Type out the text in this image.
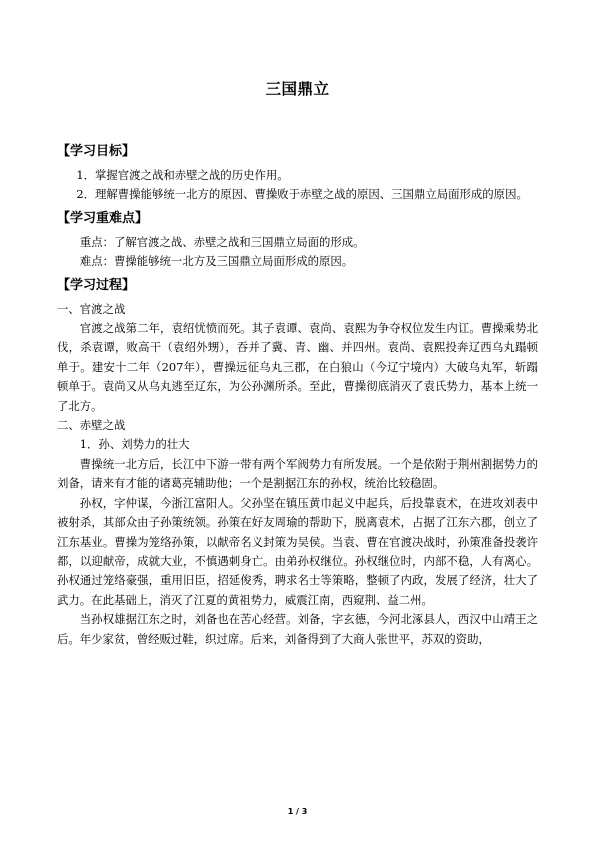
三国鼎立
【学习目标】

1．掌握官渡之战和赤壁之战的历史作用。

2．理解曹操能够统一北方的原因、曹操败于赤壁之战的原因、三国鼎立局面形成的原因。

【学习重难点】

重点：了解官渡之战、赤壁之战和三国鼎立局面的形成。

难点：曹操能够统一北方及三国鼎立局面形成的原因。

【学习过程】

一、官渡之战

官渡之战第二年，袁绍忧愤而死。其子袁谭、袁尚、袁熙为争夺权位发生内讧。曹操乘势北伐，杀袁谭，败高干（袁绍外甥），吞并了冀、青、幽、并四州。袁尚、袁熙投奔辽西乌丸蹋顿单于。建安十二年（207年），曹操远征乌丸三郡，在白狼山（今辽宁境内）大破乌丸军，斩蹋顿单于。袁尚又从乌丸逃至辽东，为公孙渊所杀。至此，曹操彻底消灭了袁氏势力，基本上统一了北方。

二、赤壁之战

1．孙、刘势力的壮大

曹操统一北方后，长江中下游一带有两个军阀势力有所发展。一个是依附于荆州割据势力的刘备，请来有才能的诸葛亮辅助他；一个是割据江东的孙权，统治比较稳固。

孙权，字仲谋，今浙江富阳人。父孙坚在镇压黄巾起义中起兵，后投靠袁术，在进攻刘表中被射杀，其部众由子孙策统领。孙策在好友周瑜的帮助下，脱离袁术，占据了江东六郡，创立了江东基业。曹操为笼络孙策，以献帝名义封策为吴侯。当袁、曹在官渡决战时，孙策准备投袭许都，以迎献帝，成就大业，不慎遇刺身亡。由弟孙权继位。孙权继位时，内部不稳，人有离心。孙权通过笼络豪强，重用旧臣，招延俊秀，聘求名士等策略，整顿了内政，发展了经济，壮大了武力。在此基础上，消灭了江夏的黄祖势力，威震江南，西窥荆、益二州。

当孙权雄据江东之时，刘备也在苦心经营。刘备，字玄德，今河北涿县人，西汉中山靖王之后。年少家贫，曾经贩过鞋，织过席。后来，刘备得到了大商人张世平，苏双的资助，

1 / 3
